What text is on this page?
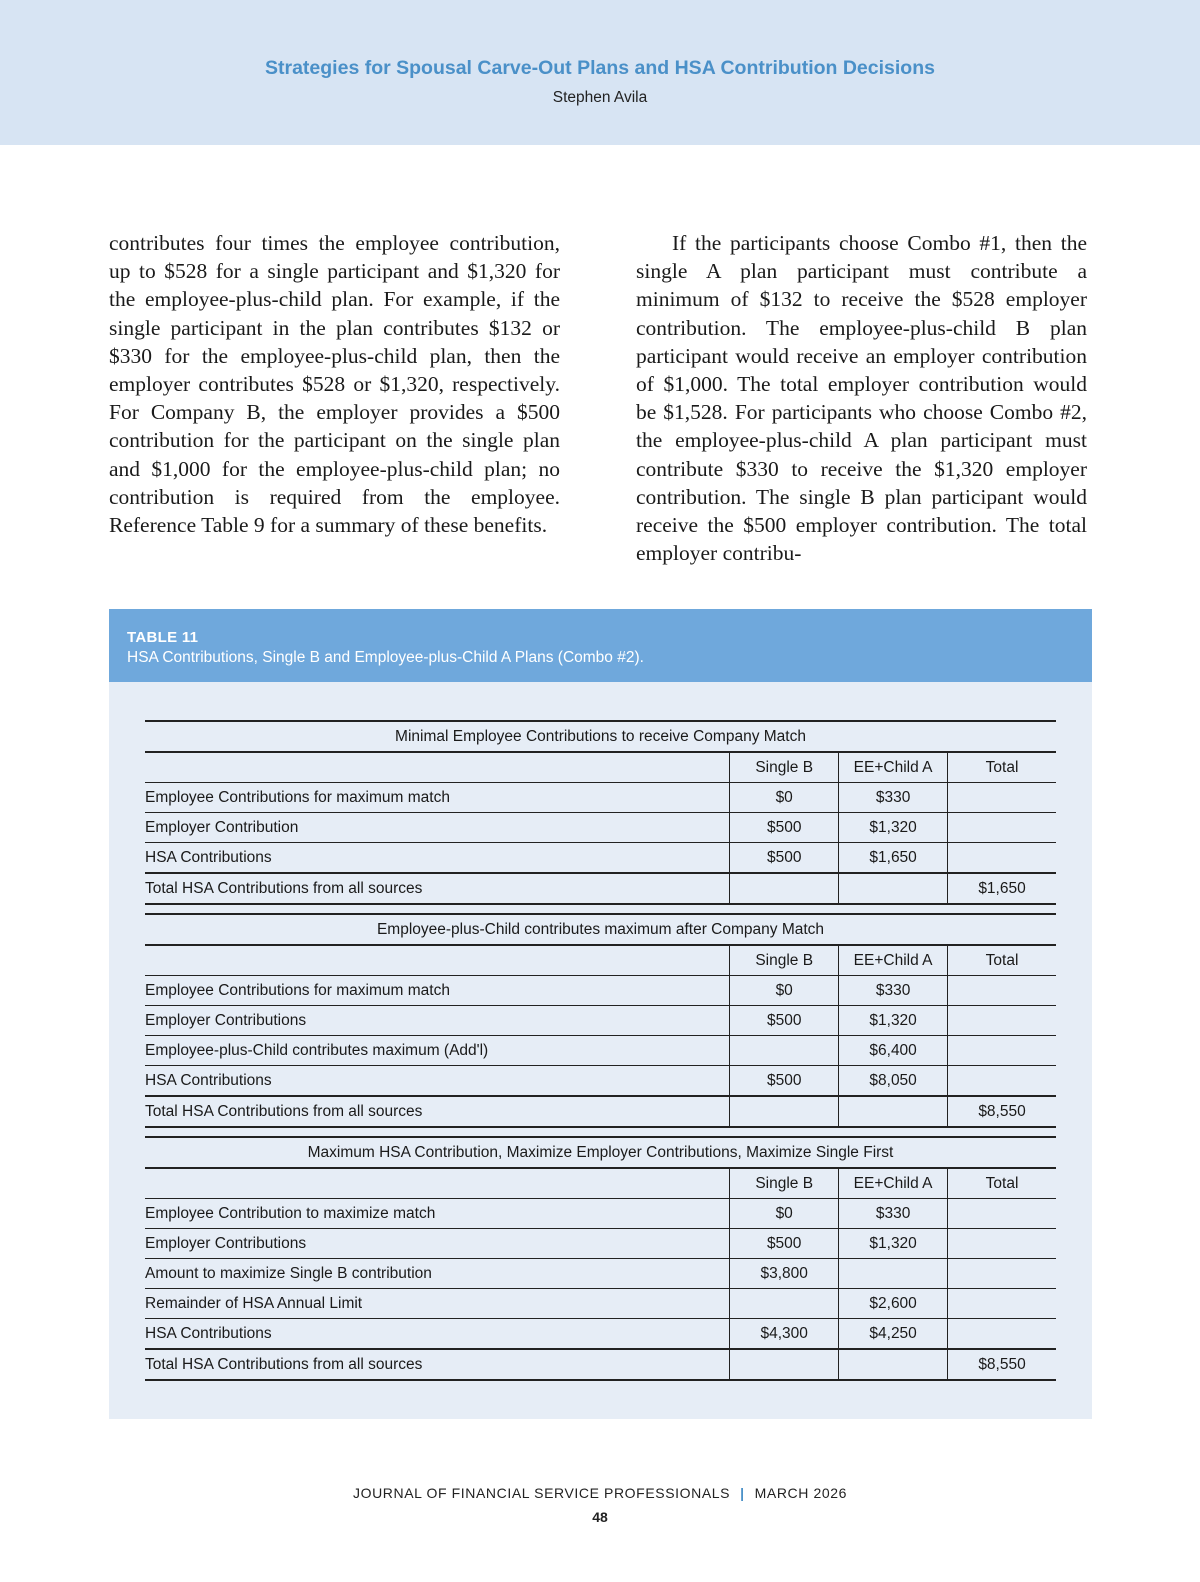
Strategies for Spousal Carve-Out Plans and HSA Contribution Decisions
Stephen Avila

contributes four times the employee contribution, up to $528 for a single participant and $1,320 for the employee-plus-child plan. For example, if the single participant in the plan contributes $132 or $330 for the employee-plus-child plan, then the employer contributes $528 or $1,320, respectively. For Company B, the employer provides a $500 contribution for the participant on the single plan and $1,000 for the employee-plus-child plan; no contribution is required from the employee. Reference Table 9 for a summary of these benefits.

If the participants choose Combo #1, then the single A plan participant must contribute a minimum of $132 to receive the $528 employer contribution. The employee-plus-child B plan participant would receive an employer contribution of $1,000. The total employer contribution would be $1,528. For participants who choose Combo #2, the employee-plus-child A plan participant must contribute $330 to receive the $1,320 employer contribution. The single B plan participant would receive the $500 employer contribution. The total employer contribu-

TABLE 11
HSA Contributions, Single B and Employee-plus-Child A Plans (Combo #2).
Minimal Employee Contributions to receive Company Match			
	Single B	EE+Child A	Total
Employee Contributions for maximum match	$0	$330	
Employer Contribution	$500	$1,320	
HSA Contributions	$500	$1,650	
Total HSA Contributions from all sources			$1,650
Employee-plus-Child contributes maximum after Company Match			
	Single B	EE+Child A	Total
Employee Contributions for maximum match	$0	$330	
Employer Contributions	$500	$1,320	
Employee-plus-Child contributes maximum (Add'l)		$6,400	
HSA Contributions	$500	$8,050	
Total HSA Contributions from all sources			$8,550
Maximum HSA Contribution, Maximize Employer Contributions, Maximize Single First			
	Single B	EE+Child A	Total
Employee Contribution to maximize match	$0	$330	
Employer Contributions	$500	$1,320	
Amount to maximize Single B contribution	$3,800		
Remainder of HSA Annual Limit		$2,600	
HSA Contributions	$4,300	$4,250	
Total HSA Contributions from all sources			$8,550
JOURNAL OF FINANCIAL SERVICE PROFESSIONALS | MARCH 2026
48
